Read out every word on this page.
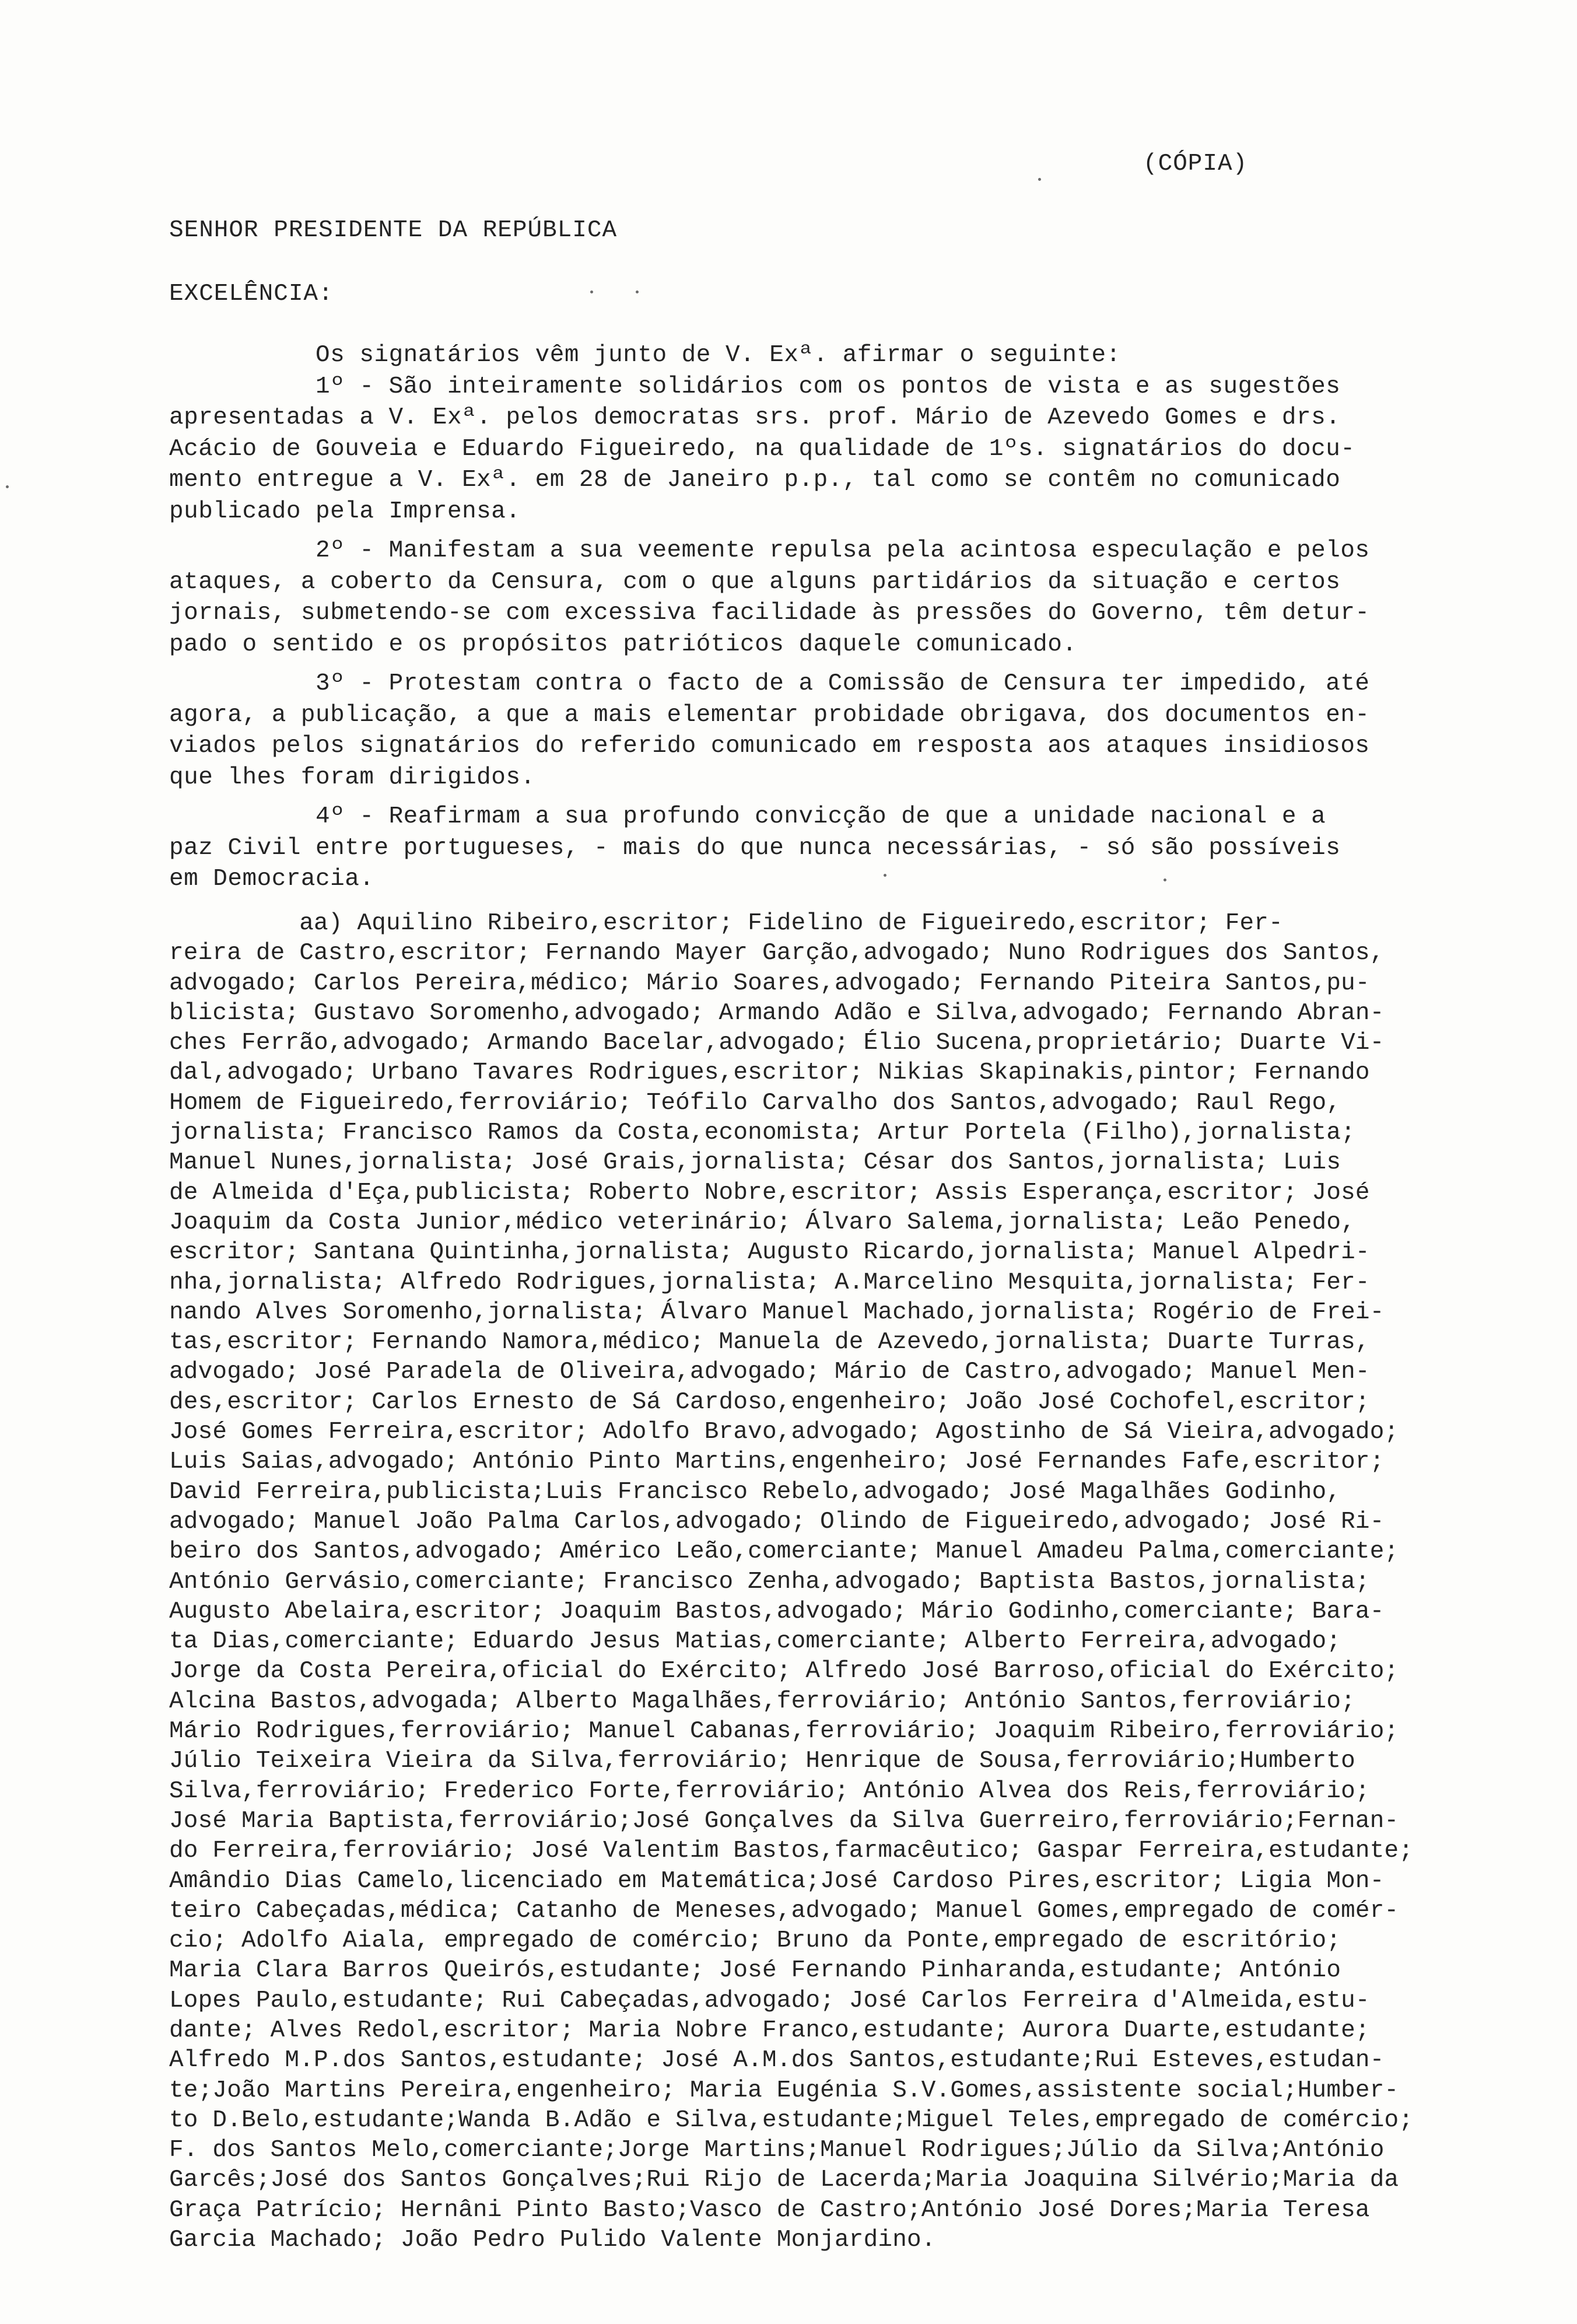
(CÓPIA)
SENHOR PRESIDENTE DA REPÚBLICA
EXCELÊNCIA:

Os signatários vêm junto de V. Exª. afirmar o seguinte:
1º - São inteiramente solidários com os pontos de vista e as sugestões
apresentadas a V. Exª. pelos democratas srs. prof. Mário de Azevedo Gomes e drs.
Acácio de Gouveia e Eduardo Figueiredo, na qualidade de 1ºs. signatários do docu-
mento entregue a V. Exª. em 28 de Janeiro p.p., tal como se contêm no comunicado
publicado pela Imprensa.

2º - Manifestam a sua veemente repulsa pela acintosa especulação e pelos
ataques, a coberto da Censura, com o que alguns partidários da situação e certos
jornais, submetendo-se com excessiva facilidade às pressões do Governo, têm detur-
pado o sentido e os propósitos patrióticos daquele comunicado.

3º - Protestam contra o facto de a Comissão de Censura ter impedido, até
agora, a publicação, a que a mais elementar probidade obrigava, dos documentos en-
viados pelos signatários do referido comunicado em resposta aos ataques insidiosos
que lhes foram dirigidos.

4º - Reafirmam a sua profundo convicção de que a unidade nacional e a
paz Civil entre portugueses, - mais do que nunca necessárias, - só são possíveis
em Democracia.

aa) Aquilino Ribeiro,escritor; Fidelino de Figueiredo,escritor; Fer-
reira de Castro,escritor; Fernando Mayer Garção,advogado; Nuno Rodrigues dos Santos,
advogado; Carlos Pereira,médico; Mário Soares,advogado; Fernando Piteira Santos,pu-
blicista; Gustavo Soromenho,advogado; Armando Adão e Silva,advogado; Fernando Abran-
ches Ferrão,advogado; Armando Bacelar,advogado; Élio Sucena,proprietário; Duarte Vi-
dal,advogado; Urbano Tavares Rodrigues,escritor; Nikias Skapinakis,pintor; Fernando
Homem de Figueiredo,ferroviário; Teófilo Carvalho dos Santos,advogado; Raul Rego,
jornalista; Francisco Ramos da Costa,economista; Artur Portela (Filho),jornalista;
Manuel Nunes,jornalista; José Grais,jornalista; César dos Santos,jornalista; Luis
de Almeida d'Eça,publicista; Roberto Nobre,escritor; Assis Esperança,escritor; José
Joaquim da Costa Junior,médico veterinário; Álvaro Salema,jornalista; Leão Penedo,
escritor; Santana Quintinha,jornalista; Augusto Ricardo,jornalista; Manuel Alpedri-
nha,jornalista; Alfredo Rodrigues,jornalista; A.Marcelino Mesquita,jornalista; Fer-
nando Alves Soromenho,jornalista; Álvaro Manuel Machado,jornalista; Rogério de Frei-
tas,escritor; Fernando Namora,médico; Manuela de Azevedo,jornalista; Duarte Turras,
advogado; José Paradela de Oliveira,advogado; Mário de Castro,advogado; Manuel Men-
des,escritor; Carlos Ernesto de Sá Cardoso,engenheiro; João José Cochofel,escritor;
José Gomes Ferreira,escritor; Adolfo Bravo,advogado; Agostinho de Sá Vieira,advogado;
Luis Saias,advogado; António Pinto Martins,engenheiro; José Fernandes Fafe,escritor;
David Ferreira,publicista;Luis Francisco Rebelo,advogado; José Magalhães Godinho,
advogado; Manuel João Palma Carlos,advogado; Olindo de Figueiredo,advogado; José Ri-
beiro dos Santos,advogado; Américo Leão,comerciante; Manuel Amadeu Palma,comerciante;
António Gervásio,comerciante; Francisco Zenha,advogado; Baptista Bastos,jornalista;
Augusto Abelaira,escritor; Joaquim Bastos,advogado; Mário Godinho,comerciante; Bara-
ta Dias,comerciante; Eduardo Jesus Matias,comerciante; Alberto Ferreira,advogado;
Jorge da Costa Pereira,oficial do Exército; Alfredo José Barroso,oficial do Exército;
Alcina Bastos,advogada; Alberto Magalhães,ferroviário; António Santos,ferroviário;
Mário Rodrigues,ferroviário; Manuel Cabanas,ferroviário; Joaquim Ribeiro,ferroviário;
Júlio Teixeira Vieira da Silva,ferroviário; Henrique de Sousa,ferroviário;Humberto
Silva,ferroviário; Frederico Forte,ferroviário; António Alvea dos Reis,ferroviário;
José Maria Baptista,ferroviário;José Gonçalves da Silva Guerreiro,ferroviário;Fernan-
do Ferreira,ferroviário; José Valentim Bastos,farmacêutico; Gaspar Ferreira,estudante;
Amândio Dias Camelo,licenciado em Matemática;José Cardoso Pires,escritor; Ligia Mon-
teiro Cabeçadas,médica; Catanho de Meneses,advogado; Manuel Gomes,empregado de comér-
cio; Adolfo Aiala, empregado de comércio; Bruno da Ponte,empregado de escritório;
Maria Clara Barros Queirós,estudante; José Fernando Pinharanda,estudante; António
Lopes Paulo,estudante; Rui Cabeçadas,advogado; José Carlos Ferreira d'Almeida,estu-
dante; Alves Redol,escritor; Maria Nobre Franco,estudante; Aurora Duarte,estudante;
Alfredo M.P.dos Santos,estudante; José A.M.dos Santos,estudante;Rui Esteves,estudan-
te;João Martins Pereira,engenheiro; Maria Eugénia S.V.Gomes,assistente social;Humber-
to D.Belo,estudante;Wanda B.Adão e Silva,estudante;Miguel Teles,empregado de comércio;
F. dos Santos Melo,comerciante;Jorge Martins;Manuel Rodrigues;Júlio da Silva;António
Garcês;José dos Santos Gonçalves;Rui Rijo de Lacerda;Maria Joaquina Silvério;Maria da
Graça Patrício; Hernâni Pinto Basto;Vasco de Castro;António José Dores;Maria Teresa
Garcia Machado; João Pedro Pulido Valente Monjardino.
